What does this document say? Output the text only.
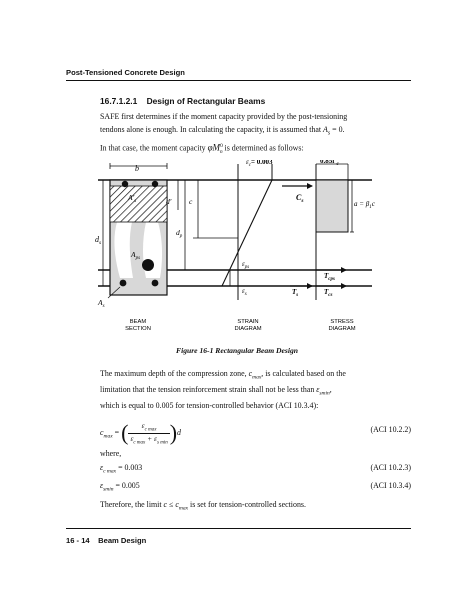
Post-Tensioned Concrete Design
16.7.1.2.1 Design of Rectangular Beams
SAFE first determines if the moment capacity provided by the post-tensioning
tendons alone is enough. In calculating the capacity, it is assumed that $A_s = 0$.
In that case, the moment capacity $\varphi M^0_n$ is determined as follows:
b
$d_s$
$A'_s$
$A_{ps}$
$A_s$
d' c
$d_p$
$\varepsilon_c= 0.003$
$\varepsilon_{ps}$
$\varepsilon_s$
$0.85f'_c$
$C_s$	$a = \beta_1c$
$T_{cps}$
$T_{cs}$
$T_s$
BEAM
SECTION
STRAIN
DIAGRAM
STRESS
DIAGRAM
Figure 16-1 Rectangular Beam Design
The maximum depth of the compression zone, $c_{max}$, is calculated based on the
limitation that the tension reinforcement strain shall not be less than $\varepsilon_{smin}$,
which is equal to 0.005 for tension-controlled behavior (ACI 10.3.4):
$c_{max}$ = ( $\frac{\varepsilon_{c max}}{\varepsilon_{c max} + \varepsilon_{s min}} )d$	(ACI 10.2.2)
where,
$\varepsilon_{c max} = 0.003$	(ACI 10.2.3)
$\varepsilon_{smin} = 0.005$	(ACI 10.3.4)
Therefore, the limit $c \le c_{max}$ is set for tension-controlled sections.
16 - 14 Beam Design
